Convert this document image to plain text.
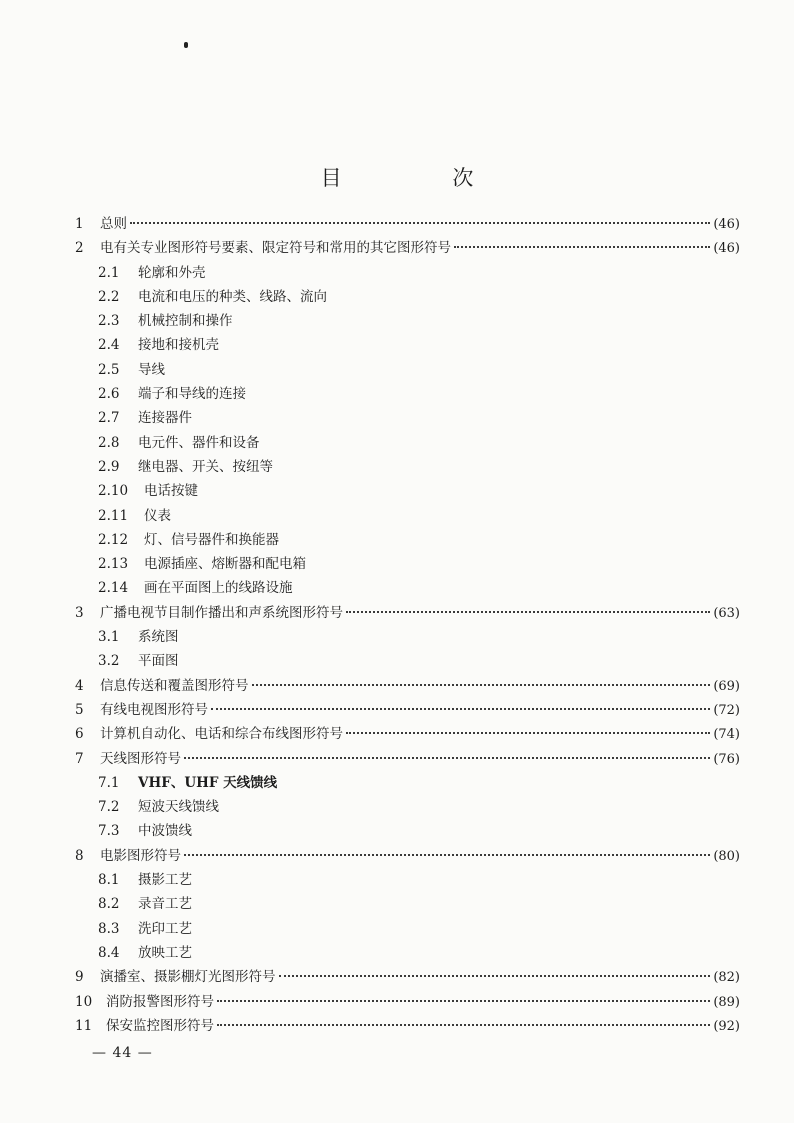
目 次
1	总则	(46)
2	电有关专业图形符号要素、限定符号和常用的其它图形符号	(46)
2.1	轮廓和外壳
2.2	电流和电压的种类、线路、流向
2.3	机械控制和操作
2.4	接地和接机壳
2.5	导线
2.6	端子和导线的连接
2.7	连接器件
2.8	电元件、器件和设备
2.9	继电器、开关、按纽等
2.10	电话按键
2.11	仪表
2.12	灯、信号器件和换能器
2.13	电源插座、熔断器和配电箱
2.14	画在平面图上的线路设施
3	广播电视节目制作播出和声系统图形符号	(63)
3.1	系统图
3.2	平面图
4	信息传送和覆盖图形符号	(69)
5	有线电视图形符号	(72)
6	计算机自动化、电话和综合布线图形符号	(74)
7	天线图形符号	(76)
7.1	VHF、UHF 天线馈线
7.2	短波天线馈线
7.3	中波馈线
8	电影图形符号	(80)
8.1	摄影工艺
8.2	录音工艺
8.3	洗印工艺
8.4	放映工艺
9	演播室、摄影棚灯光图形符号	(82)
10	消防报警图形符号	(89)
11	保安监控图形符号	(92)
— 44 —
